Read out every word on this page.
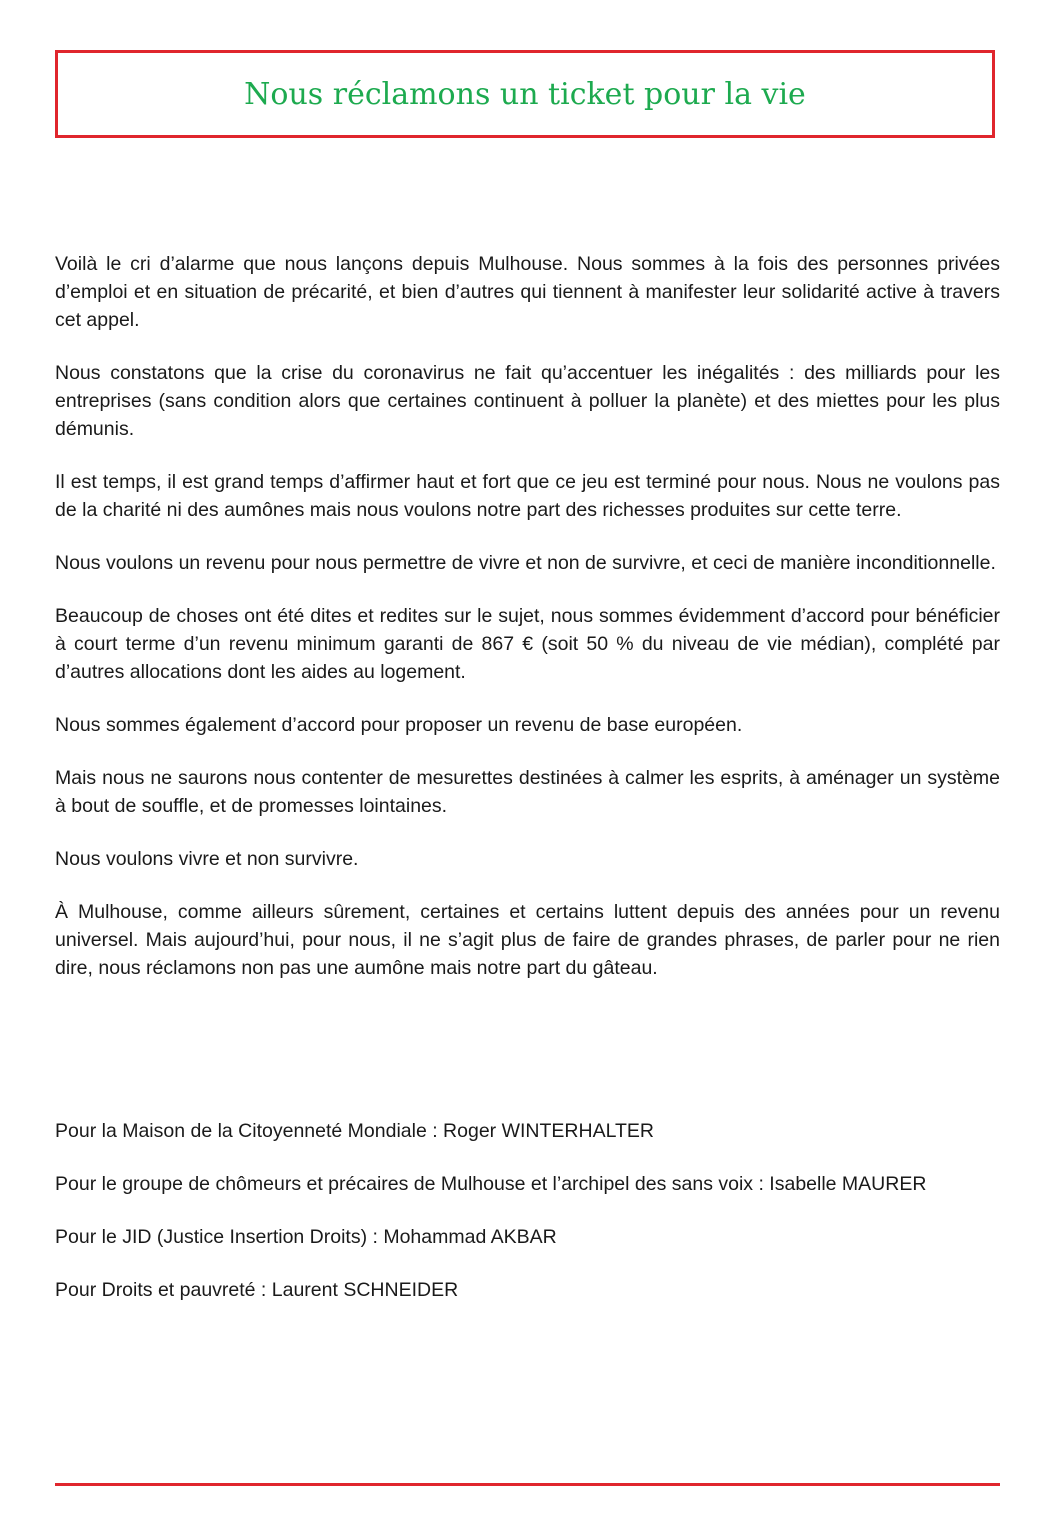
Nous réclamons un ticket pour la vie

Voilà le cri d’alarme que nous lançons depuis Mulhouse. Nous sommes à la fois des personnes privées d’emploi et en situation de précarité, et bien d’autres qui tiennent à manifester leur solidarité active à travers cet appel.

Nous constatons que la crise du coronavirus ne fait qu’accentuer les inégalités : des milliards pour les entreprises (sans condition alors que certaines continuent à polluer la planète) et des miettes pour les plus démunis.

Il est temps, il est grand temps d’affirmer haut et fort que ce jeu est terminé pour nous. Nous ne voulons pas de la charité ni des aumônes mais nous voulons notre part des richesses produites sur cette terre.

Nous voulons un revenu pour nous permettre de vivre et non de survivre, et ceci de manière inconditionnelle.

Beaucoup de choses ont été dites et redites sur le sujet, nous sommes évidemment d’accord pour bénéficier à court terme d’un revenu minimum garanti de 867 € (soit 50 % du niveau de vie médian), complété par d’autres allocations dont les aides au logement.

Nous sommes également d’accord pour proposer un revenu de base européen.

Mais nous ne saurons nous contenter de mesurettes destinées à calmer les esprits, à aménager un système à bout de souffle, et de promesses lointaines.

Nous voulons vivre et non survivre.

À Mulhouse, comme ailleurs sûrement, certaines et certains luttent depuis des années pour un revenu universel. Mais aujourd’hui, pour nous, il ne s’agit plus de faire de grandes phrases, de parler pour ne rien dire, nous réclamons non pas une aumône mais notre part du gâteau.

Pour la Maison de la Citoyenneté Mondiale : Roger WINTERHALTER

Pour le groupe de chômeurs et précaires de Mulhouse et l’archipel des sans voix : Isabelle MAURER

Pour le JID (Justice Insertion Droits) : Mohammad AKBAR

Pour Droits et pauvreté : Laurent SCHNEIDER
